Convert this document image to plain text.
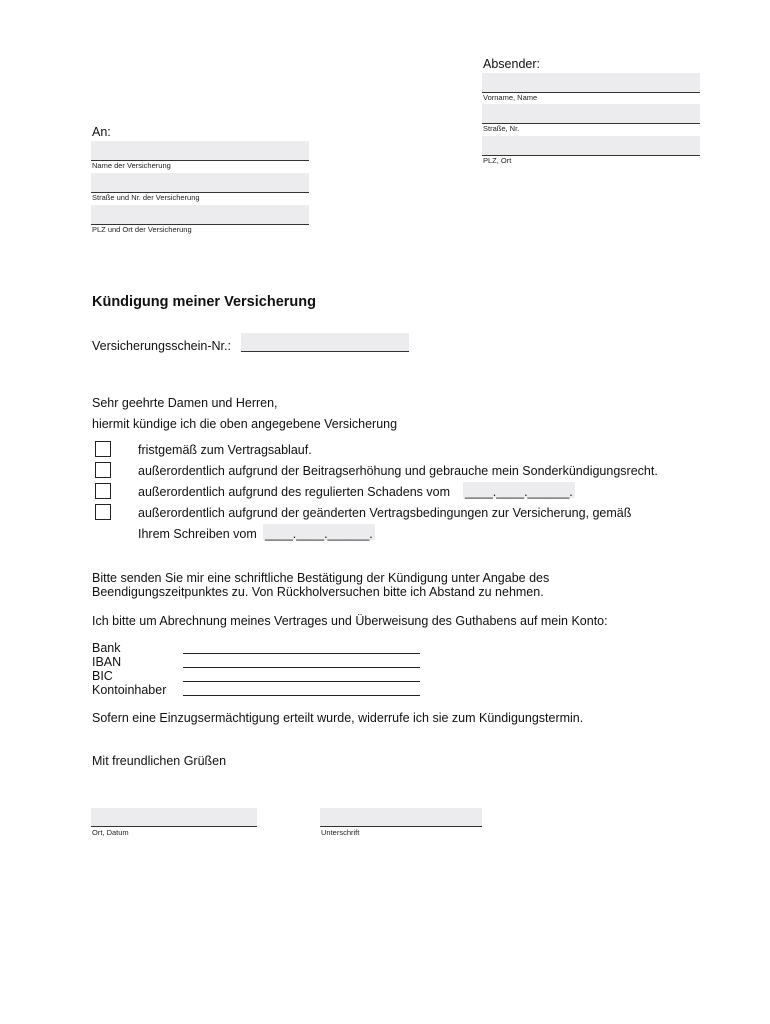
Absender:
Vorname, Name
Straße, Nr.
PLZ, Ort
An:
Name der Versicherung
Straße und Nr. der Versicherung
PLZ und Ort der Versicherung
Kündigung meiner Versicherung
Versicherungsschein-Nr.:
Sehr geehrte Damen und Herren,
hiermit kündige ich die oben angegebene Versicherung
fristgemäß zum Vertragsablauf.
außerordentlich aufgrund der Beitragserhöhung und gebrauche mein Sonderkündigungsrecht.
außerordentlich aufgrund des regulierten Schadens vom ____.____.______.
außerordentlich aufgrund der geänderten Vertragsbedingungen zur Versicherung, gemäß
Ihrem Schreiben vom ____.____.______.
Bitte senden Sie mir eine schriftliche Bestätigung der Kündigung unter Angabe des
Beendigungszeitpunktes zu. Von Rückholversuchen bitte ich Abstand zu nehmen.
Ich bitte um Abrechnung meines Vertrages und Überweisung des Guthabens auf mein Konto:
Bank
IBAN
BIC
Kontoinhaber
Sofern eine Einzugsermächtigung erteilt wurde, widerrufe ich sie zum Kündigungstermin.
Mit freundlichen Grüßen
Ort, Datum	Unterschrift
